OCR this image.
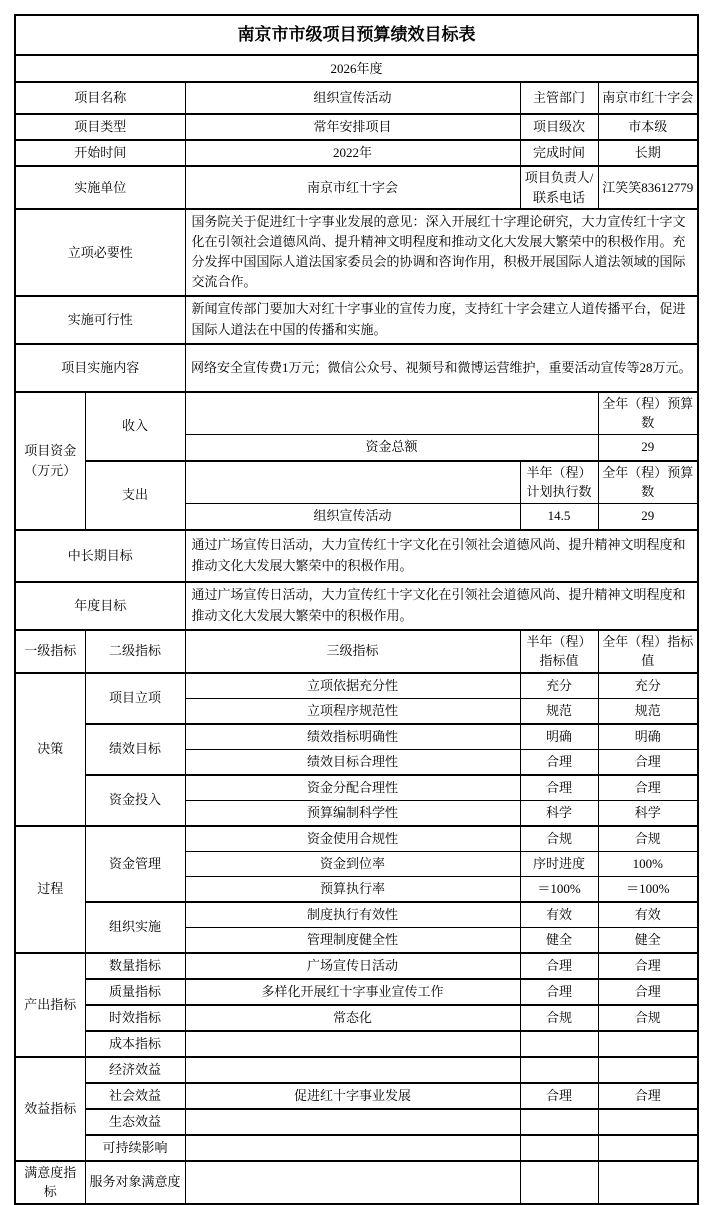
南京市市级项目预算绩效目标表				
2026年度				
项目名称		组织宣传活动	主管部门	南京市红十字会
项目类型		常年安排项目	项目级次	市本级
开始时间		2022年	完成时间	长期
实施单位		南京市红十字会	项目负责人/联系电话	江笑笑83612779
立项必要性		国务院关于促进红十字事业发展的意见：深入开展红十字理论研究，大力宣传红十字文化在引领社会道德风尚、提升精神文明程度和推动文化大发展大繁荣中的积极作用。充分发挥中国国际人道法国家委员会的协调和咨询作用，积极开展国际人道法领域的国际交流合作。		
实施可行性		新闻宣传部门要加大对红十字事业的宣传力度，支持红十字会建立人道传播平台，促进国际人道法在中国的传播和实施。		
项目实施内容		网络安全宣传费1万元；微信公众号、视频号和微博运营维护，重要活动宣传等28万元。		
项目资金（万元）	收入			全年（程）预算数
		资金总额		29
	支出		半年（程）计划执行数	全年（程）预算数
		组织宣传活动	14.5	29
中长期目标		通过广场宣传日活动，大力宣传红十字文化在引领社会道德风尚、提升精神文明程度和推动文化大发展大繁荣中的积极作用。		
年度目标		通过广场宣传日活动，大力宣传红十字文化在引领社会道德风尚、提升精神文明程度和推动文化大发展大繁荣中的积极作用。		
一级指标	二级指标	三级指标	半年（程）指标值	全年（程）指标值
决策	项目立项	立项依据充分性	充分	充分
		立项程序规范性	规范	规范
	绩效目标	绩效指标明确性	明确	明确
		绩效目标合理性	合理	合理
	资金投入	资金分配合理性	合理	合理
		预算编制科学性	科学	科学
过程	资金管理	资金使用合规性	合规	合规
		资金到位率	序时进度	100%
		预算执行率	＝100%	＝100%
	组织实施	制度执行有效性	有效	有效
		管理制度健全性	健全	健全
产出指标	数量指标	广场宣传日活动	合理	合理
	质量指标	多样化开展红十字事业宣传工作	合理	合理
	时效指标	常态化	合规	合规
	成本指标			
效益指标	经济效益			
	社会效益	促进红十字事业发展	合理	合理
	生态效益			
	可持续影响			
满意度指标	服务对象满意度			
